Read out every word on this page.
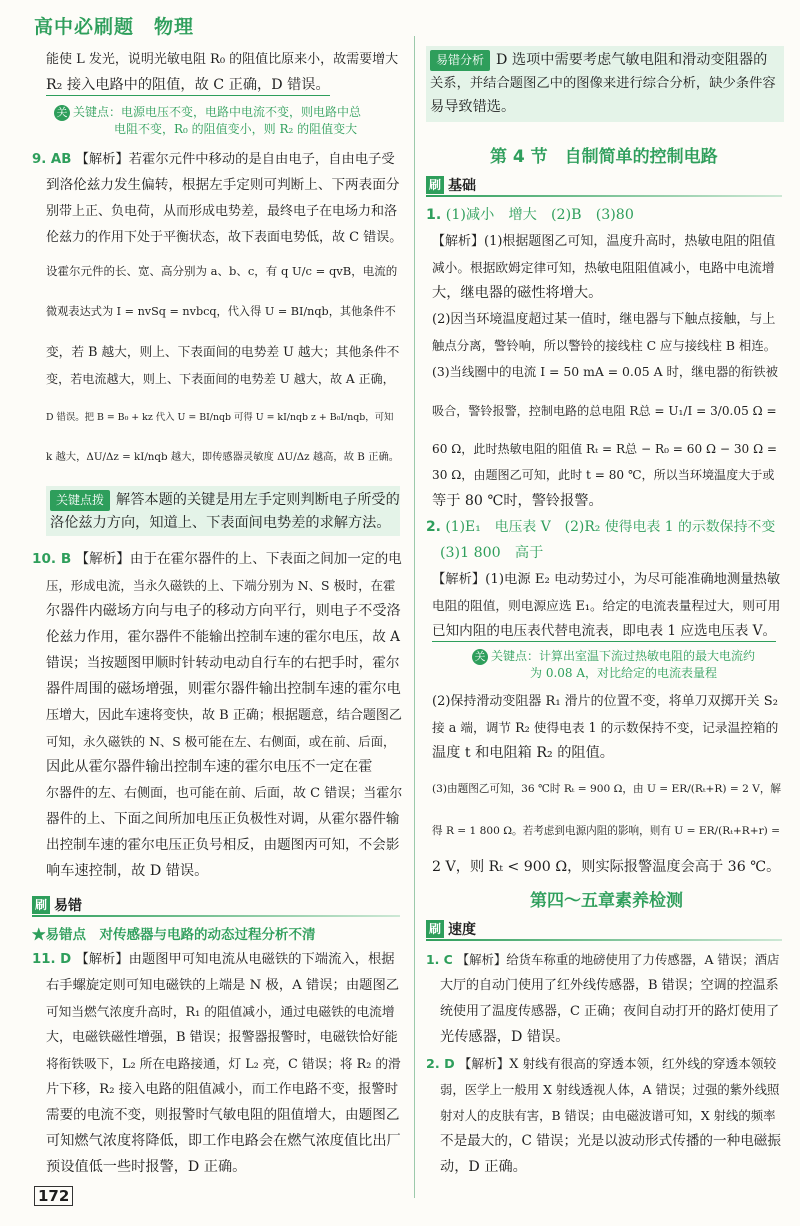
高中必刷题　物理
能使 L 发光，说明光敏电阻 R₀ 的阻值比原来小，故需要增大
R₂ 接入电路中的阻值，故 C 正确，D 错误。
关 关键点：电源电压不变，电路中电流不变，则电路中总
电阻不变，R₀ 的阻值变小，则 R₂ 的阻值变大
9. AB 【解析】若霍尔元件中移动的是自由电子，自由电子受
到洛伦兹力发生偏转，根据左手定则可判断上、下两表面分
别带上正、负电荷，从而形成电势差，最终电子在电场力和洛
伦兹力的作用下处于平衡状态，故下表面电势低，故 C 错误。
设霍尔元件的长、宽、高分别为 a、b、c，有 q U/c = qvB，电流的
微观表达式为 I = nvSq = nvbcq，代入得 U = BI/nqb，其他条件不
变，若 B 越大，则上、下表面间的电势差 U 越大；其他条件不
变，若电流越大，则上、下表面间的电势差 U 越大，故 A 正确，
D 错误。把 B = B₀ + kz 代入 U = BI/nqb 可得 U = kI/nqb z + B₀I/nqb，可知
k 越大，ΔU/Δz = kI/nqb 越大，即传感器灵敏度 ΔU/Δz 越高，故 B 正确。
关键点拨 解答本题的关键是用左手定则判断电子所受的
洛伦兹力方向，知道上、下表面间电势差的求解方法。
10. B 【解析】由于在霍尔器件的上、下表面之间加一定的电
压，形成电流，当永久磁铁的上、下端分别为 N、S 极时，在霍
尔器件内磁场方向与电子的移动方向平行，则电子不受洛
伦兹力作用，霍尔器件不能输出控制车速的霍尔电压，故 A
错误；当按题图甲顺时针转动电动自行车的右把手时，霍尔
器件周围的磁场增强，则霍尔器件输出控制车速的霍尔电
压增大，因此车速将变快，故 B 正确；根据题意，结合题图乙
可知，永久磁铁的 N、S 极可能在左、右侧面，或在前、后面，
因此从霍尔器件输出控制车速的霍尔电压不一定在霍
尔器件的左、右侧面，也可能在前、后面，故 C 错误；当霍尔
器件的上、下面之间所加电压正负极性对调，从霍尔器件输
出控制车速的霍尔电压正负号相反，由题图丙可知，不会影
响车速控制，故 D 错误。
刷 易错
★易错点　对传感器与电路的动态过程分析不清
11. D 【解析】由题图甲可知电流从电磁铁的下端流入，根据
右手螺旋定则可知电磁铁的上端是 N 极，A 错误；由题图乙
可知当燃气浓度升高时，R₁ 的阻值减小，通过电磁铁的电流增
大，电磁铁磁性增强，B 错误；报警器报警时，电磁铁恰好能
将衔铁吸下，L₂ 所在电路接通，灯 L₂ 亮，C 错误；将 R₂ 的滑
片下移，R₂ 接入电路的阻值减小，而工作电路不变，报警时
需要的电流不变，则报警时气敏电阻的阻值增大，由题图乙
可知燃气浓度将降低，即工作电路会在燃气浓度值比出厂
预设值低一些时报警，D 正确。
172
易错分析 D 选项中需要考虑气敏电阻和滑动变阻器的
关系，并结合题图乙中的图像来进行综合分析，缺少条件容
易导致错选。
第 4 节　自制简单的控制电路
刷 基础
1. (1)减小　增大　(2)B　(3)80
【解析】(1)根据题图乙可知，温度升高时，热敏电阻的阻值
减小。根据欧姆定律可知，热敏电阻阻值减小，电路中电流增
大，继电器的磁性将增大。
(2)因当环境温度超过某一值时，继电器与下触点接触，与上
触点分离，警铃响，所以警铃的接线柱 C 应与接线柱 B 相连。
(3)当线圈中的电流 I = 50 mA = 0.05 A 时，继电器的衔铁被
吸合，警铃报警，控制电路的总电阻 R总 = U₁/I = 3/0.05 Ω =
60 Ω，此时热敏电阻的阻值 Rₜ = R总 − R₀ = 60 Ω − 30 Ω =
30 Ω，由题图乙可知，此时 t = 80 ℃，所以当环境温度大于或
等于 80 ℃时，警铃报警。
2. (1)E₁　电压表 V　(2)R₂ 使得电表 1 的示数保持不变
(3)1 800　高于
【解析】(1)电源 E₂ 电动势过小，为尽可能准确地测量热敏
电阻的阻值，则电源应选 E₁。给定的电流表量程过大，则可用
已知内阻的电压表代替电流表，即电表 1 应选电压表 V。
关 关键点：计算出室温下流过热敏电阻的最大电流约
为 0.08 A，对比给定的电流表量程
(2)保持滑动变阻器 R₁ 滑片的位置不变，将单刀双掷开关 S₂
接 a 端，调节 R₂ 使得电表 1 的示数保持不变，记录温控箱的
温度 t 和电阻箱 R₂ 的阻值。
(3)由题图乙可知，36 ℃时 Rₜ = 900 Ω，由 U = ER/(Rₜ+R) = 2 V，解
得 R = 1 800 Ω。若考虑到电源内阻的影响，则有 U = ER/(Rₜ+R+r) =
2 V，则 Rₜ < 900 Ω，则实际报警温度会高于 36 ℃。
第四～五章素养检测
刷 速度
1. C 【解析】给货车称重的地磅使用了力传感器，A 错误；酒店
大厅的自动门使用了红外线传感器，B 错误；空调的控温系
统使用了温度传感器，C 正确；夜间自动打开的路灯使用了
光传感器，D 错误。
2. D 【解析】X 射线有很高的穿透本领，红外线的穿透本领较
弱，医学上一般用 X 射线透视人体，A 错误；过强的紫外线照
射对人的皮肤有害，B 错误；由电磁波谱可知，X 射线的频率
不是最大的，C 错误；光是以波动形式传播的一种电磁振
动，D 正确。
